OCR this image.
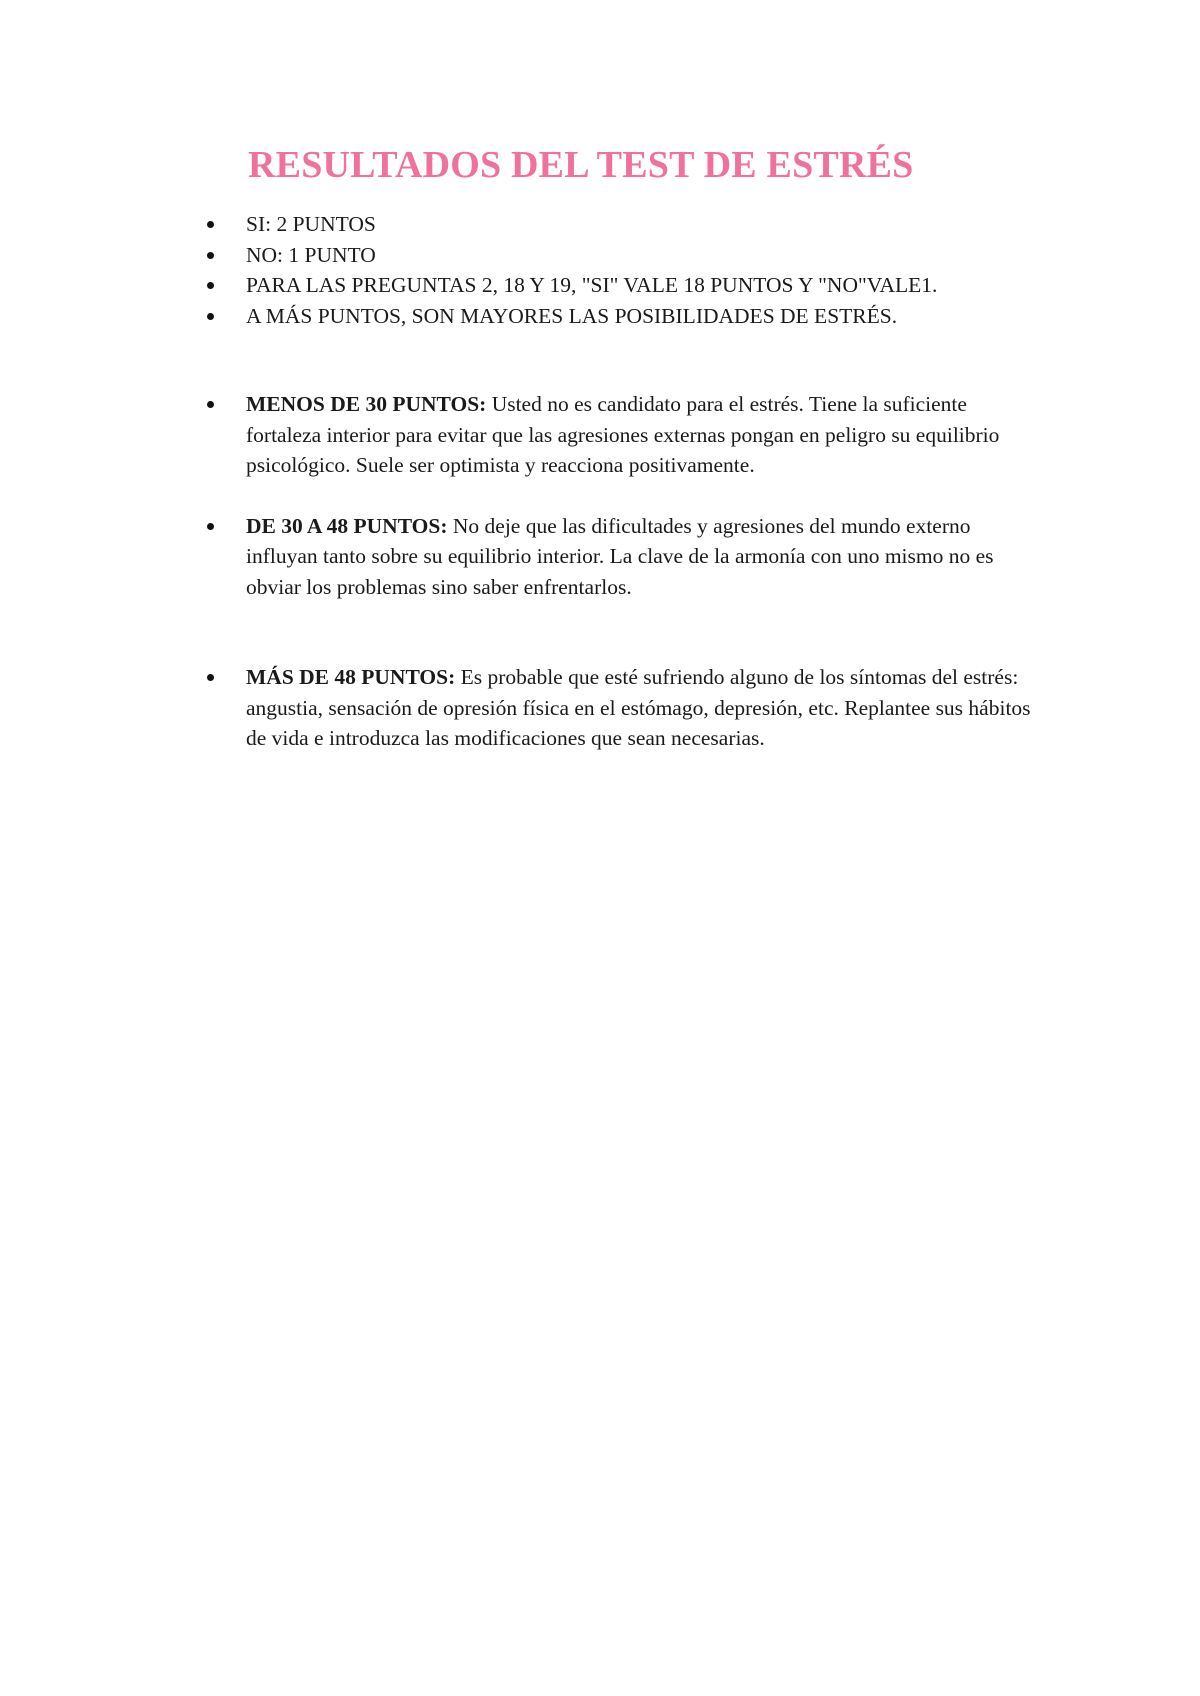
RESULTADOS DEL TEST DE ESTRÉS
SI: 2 PUNTOS
NO: 1 PUNTO
PARA LAS PREGUNTAS 2, 18 Y 19, "SI" VALE 18 PUNTOS Y "NO"VALE1.
A MÁS PUNTOS, SON MAYORES LAS POSIBILIDADES DE ESTRÉS.
MENOS DE 30 PUNTOS: Usted no es candidato para el estrés. Tiene la suficiente fortaleza interior para evitar que las agresiones externas pongan en peligro su equilibrio psicológico. Suele ser optimista y reacciona positivamente.
DE 30 A 48 PUNTOS: No deje que las dificultades y agresiones del mundo externo influyan tanto sobre su equilibrio interior. La clave de la armonía con uno mismo no es obviar los problemas sino saber enfrentarlos.
MÁS DE 48 PUNTOS: Es probable que esté sufriendo alguno de los síntomas del estrés: angustia, sensación de opresión física en el estómago, depresión, etc. Replantee sus hábitos de vida e introduzca las modificaciones que sean necesarias.
